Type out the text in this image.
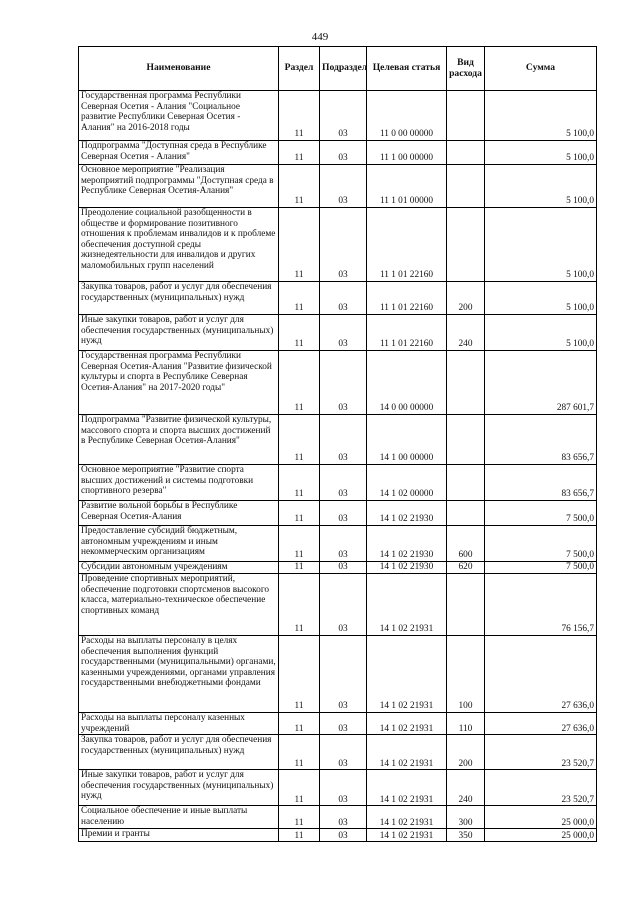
449
Наименование	Раздел	Подраздел	Целевая статья	Вид расхода	Сумма
Государственная программа Республики Северная Осетия - Алания "Социальное развитие Республики Северная Осетия - Алания" на 2016-2018 годы	11	03	11 0 00 00000		5 100,0
Подпрограмма "Доступная среда в Республике Северная Осетия - Алания"	11	03	11 1 00 00000		5 100,0
Основное мероприятие "Реализация мероприятий подпрограммы "Доступная среда в Республике Северная Осетия-Алания"	11	03	11 1 01 00000		5 100,0
Преодоление социальной разобщенности в обществе и формирование позитивного отношения к проблемам инвалидов и к проблеме обеспечения доступной среды жизнедеятельности для инвалидов и других маломобильных групп населений	11	03	11 1 01 22160		5 100,0
Закупка товаров, работ и услуг для обеспечения государственных (муниципальных) нужд	11	03	11 1 01 22160	200	5 100,0
Иные закупки товаров, работ и услуг для обеспечения государственных (муниципальных) нужд	11	03	11 1 01 22160	240	5 100,0
Государственная программа Республики Северная Осетия-Алания "Развитие физической культуры и спорта в Республике Северная Осетия-Алания" на 2017-2020 годы"	11	03	14 0 00 00000		287 601,7
Подпрограмма "Развитие физической культуры, массового спорта и спорта высших достижений в Республике Северная Осетия-Алания"	11	03	14 1 00 00000		83 656,7
Основное мероприятие "Развитие спорта высших достижений и системы подготовки спортивного резерва"	11	03	14 1 02 00000		83 656,7
Развитие вольной борьбы в Республике Северная Осетия-Алания	11	03	14 1 02 21930		7 500,0
Предоставление субсидий бюджетным, автономным учреждениям и иным некоммерческим организациям	11	03	14 1 02 21930	600	7 500,0
Субсидии автономным учреждениям	11	03	14 1 02 21930	620	7 500,0
Проведение спортивных мероприятий, обеспечение подготовки спортсменов высокого класса, материально-техническое обеспечение спортивных команд	11	03	14 1 02 21931		76 156,7
Расходы на выплаты персоналу в целях обеспечения выполнения функций государственными (муниципальными) органами, казенными учреждениями, органами управления государственными внебюджетными фондами	11	03	14 1 02 21931	100	27 636,0
Расходы на выплаты персоналу казенных учреждений	11	03	14 1 02 21931	110	27 636,0
Закупка товаров, работ и услуг для обеспечения государственных (муниципальных) нужд	11	03	14 1 02 21931	200	23 520,7
Иные закупки товаров, работ и услуг для обеспечения государственных (муниципальных) нужд	11	03	14 1 02 21931	240	23 520,7
Социальное обеспечение и иные выплаты населению	11	03	14 1 02 21931	300	25 000,0
Премии и гранты	11	03	14 1 02 21931	350	25 000,0
